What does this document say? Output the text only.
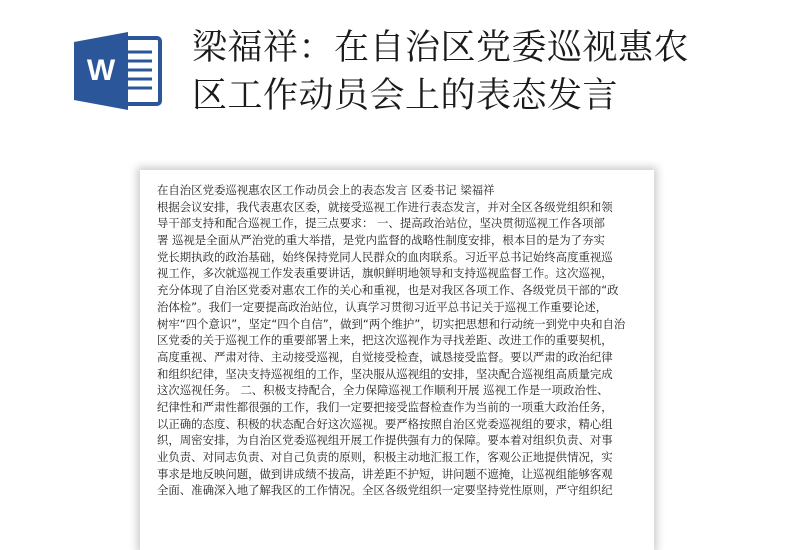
W
梁福祥：在自治区党委巡视惠农
区工作动员会上的表态发言
在自治区党委巡视惠农区工作动员会上的表态发言 区委书记 梁福祥
根据会议安排，我代表惠农区委，就接受巡视工作进行表态发言，并对全区各级党组织和领
导干部支持和配合巡视工作，提三点要求： 一、提高政治站位，坚决贯彻巡视工作各项部
署 巡视是全面从严治党的重大举措，是党内监督的战略性制度安排，根本目的是为了夯实
党长期执政的政治基础，始终保持党同人民群众的血肉联系。习近平总书记始终高度重视巡
视工作，多次就巡视工作发表重要讲话，旗帜鲜明地领导和支持巡视监督工作。这次巡视，
充分体现了自治区党委对惠农工作的关心和重视，也是对我区各项工作、各级党员干部的“政
治体检”。我们一定要提高政治站位，认真学习贯彻习近平总书记关于巡视工作重要论述，
树牢“四个意识”，坚定“四个自信”，做到“两个维护”，切实把思想和行动统一到党中央和自治
区党委的关于巡视工作的重要部署上来，把这次巡视作为寻找差距、改进工作的重要契机，
高度重视、严肃对待、主动接受巡视，自觉接受检查，诚恳接受监督。要以严肃的政治纪律
和组织纪律，坚决支持巡视组的工作，坚决服从巡视组的安排，坚决配合巡视组高质量完成
这次巡视任务。 二、积极支持配合，全力保障巡视工作顺利开展 巡视工作是一项政治性、
纪律性和严肃性都很强的工作，我们一定要把接受监督检查作为当前的一项重大政治任务，
以正确的态度、积极的状态配合好这次巡视。要严格按照自治区党委巡视组的要求，精心组
织，周密安排，为自治区党委巡视组开展工作提供强有力的保障。要本着对组织负责、对事
业负责、对同志负责、对自己负责的原则，积极主动地汇报工作，客观公正地提供情况，实
事求是地反映问题，做到讲成绩不拔高，讲差距不护短，讲问题不遮掩，让巡视组能够客观
全面、准确深入地了解我区的工作情况。全区各级党组织一定要坚持党性原则，严守组织纪
